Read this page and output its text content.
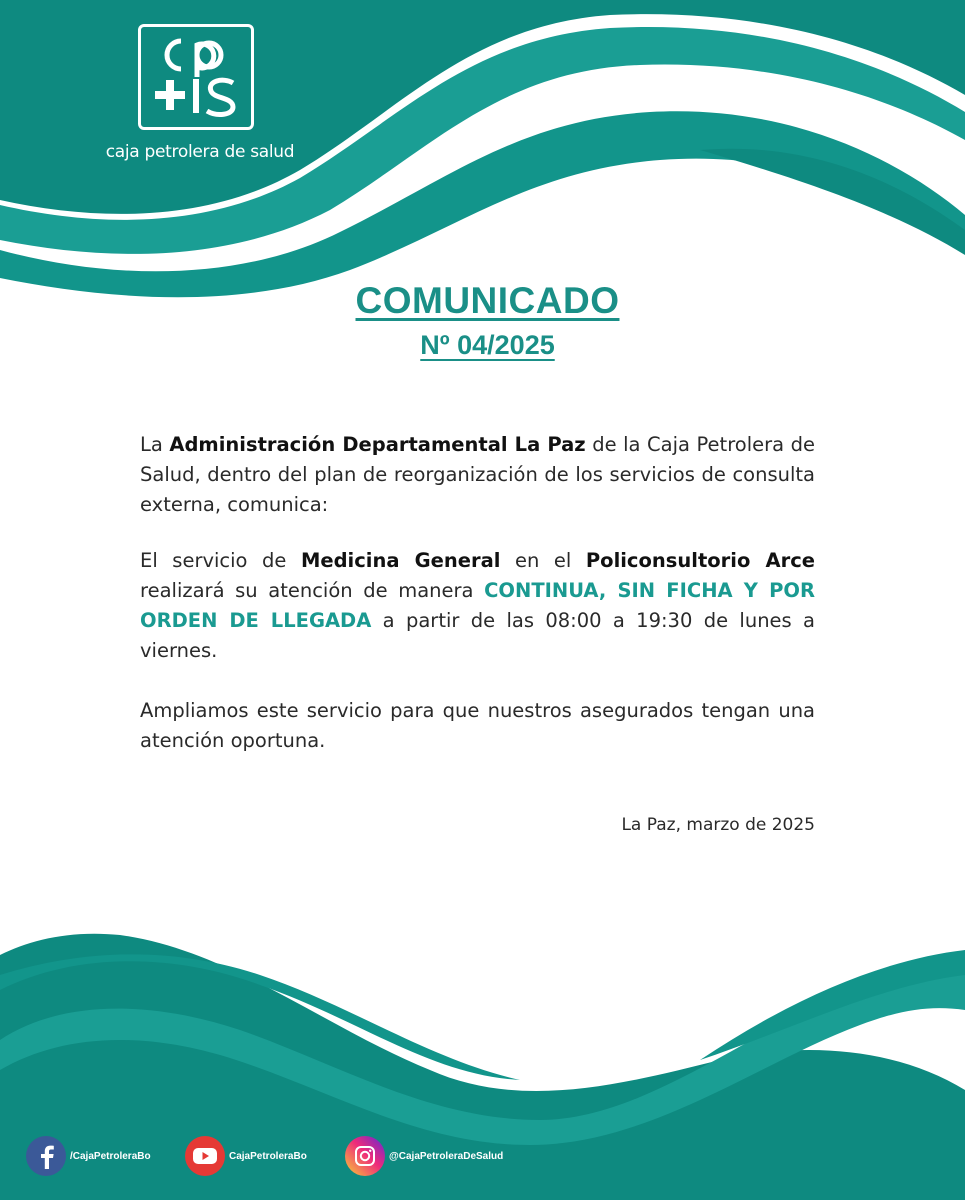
caja petrolera de salud
COMUNICADO
Nº 04/2025
La Administración Departamental La Paz de la Caja Petrolera de Salud, dentro del plan de reorganización de los servicios de consulta externa, comunica:
El servicio de Medicina General en el Policonsultorio Arce realizará su atención de manera CONTINUA, SIN FICHA Y POR ORDEN DE LLEGADA a partir de las 08:00 a 19:30 de lunes a viernes.
Ampliamos este servicio para que nuestros asegurados tengan una atención oportuna.
La Paz, marzo de 2025
/CajaPetroleraBo	CajaPetroleraBo	@CajaPetroleraDeSalud
